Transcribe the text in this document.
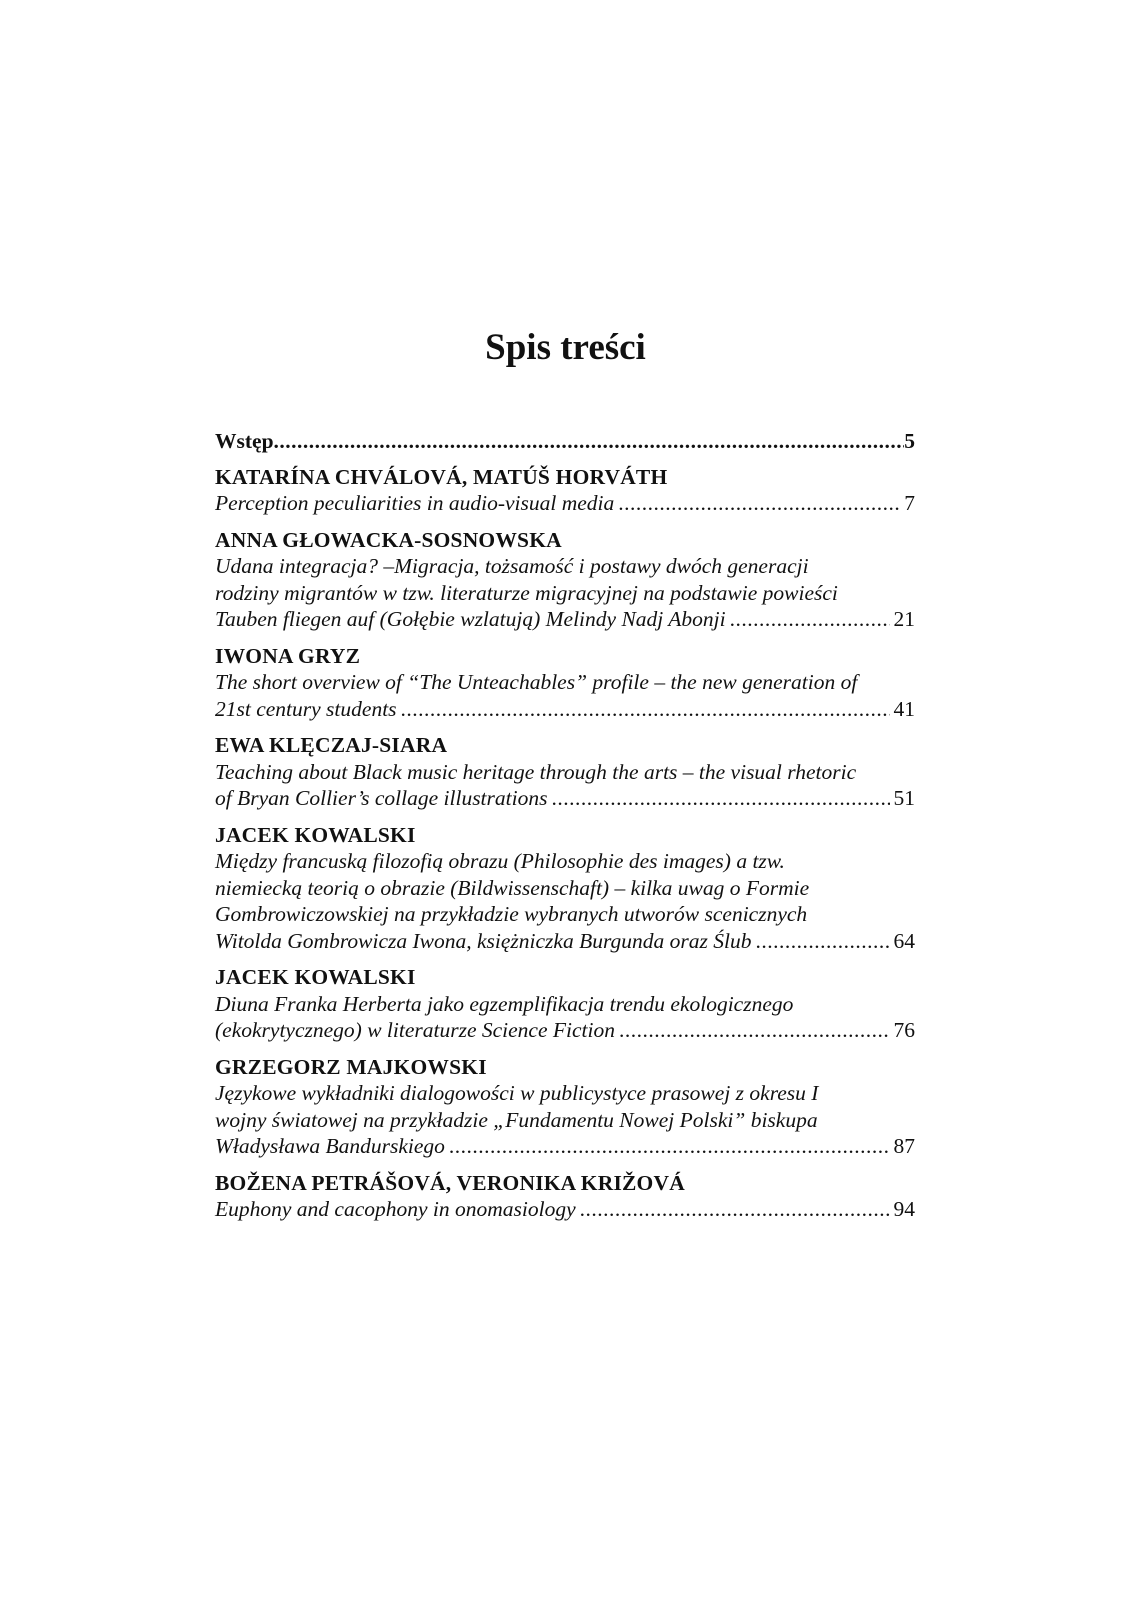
Spis treści
Wstęp .....	5
KATARÍNA CHVÁLOVÁ, MATÚŠ HORVÁTH
Perception peculiarities in audio-visual media .....	7
ANNA GŁOWACKA-SOSNOWSKA
Udana integracja? –Migracja, tożsamość i postawy dwóch generacji
rodziny migrantów w tzw. literaturze migracyjnej na podstawie powieści
Tauben fliegen auf (Gołębie wzlatują) Melindy Nadj Abonji .....	21
IWONA GRYZ
The short overview of “The Unteachables” profile – the new generation of
21st century students .....	41
EWA KLĘCZAJ-SIARA
Teaching about Black music heritage through the arts – the visual rhetoric
of Bryan Collier’s collage illustrations .....	51
JACEK KOWALSKI
Między francuską filozofią obrazu (Philosophie des images) a tzw.
niemiecką teorią o obrazie (Bildwissenschaft) – kilka uwag o Formie
Gombrowiczowskiej na przykładzie wybranych utworów scenicznych
Witolda Gombrowicza Iwona, księżniczka Burgunda oraz Ślub .....	64
JACEK KOWALSKI
Diuna Franka Herberta jako egzemplifikacja trendu ekologicznego
(ekokrytycznego) w literaturze Science Fiction .....	76
GRZEGORZ MAJKOWSKI
Językowe wykładniki dialogowości w publicystyce prasowej z okresu I
wojny światowej na przykładzie „Fundamentu Nowej Polski” biskupa
Władysława Bandurskiego .....	87
BOŽENA PETRÁŠOVÁ, VERONIKA KRIŽOVÁ
Euphony and cacophony in onomasiology .....	94
